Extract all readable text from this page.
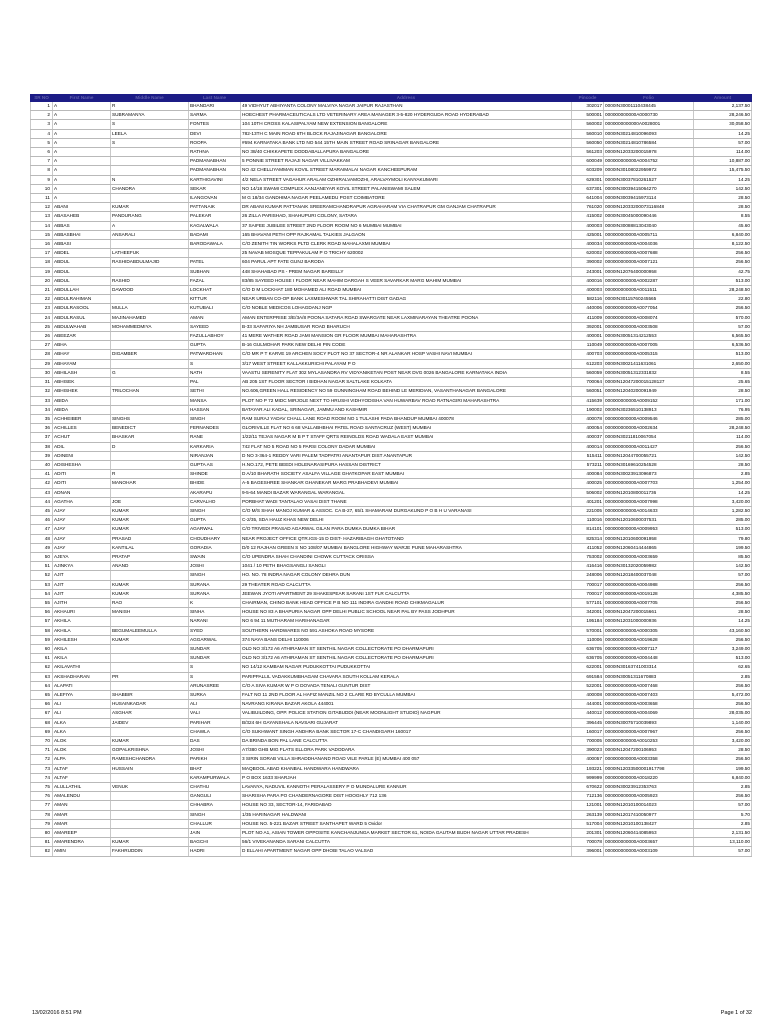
SR NO	First Name	Middle Name	Last Name	Address	Pincode	Folio	Amount
1	A	R	BHANDARI	49 VIDHYUT ABHIYANTA COLONY MALVIYA NAGAR JAIPUR RAJASTHAN	302017	0000IN30001110438445	2,137.50
2	A	SUBRAMANYA	SARMA	HOECHEST PHARMACEUTICALS LTD VETERINARY AREA MANAGER 3-5-820 HYDERGUDA ROAD HYDERABAD	500001	000000000000A0000730	28,246.50
3	A	S	FONTES	104 10TH CROSS KALASIPALYAM NEW EXTENSION BANGALORE	560002	0000000000000A0028001	30,058.50
4	A	LEELA	DEVI	782-13TH C MAIN ROAD 6TH BLOCK RAJAJINAGAR BANGALORE	560010	0000IN30214810096093	14.25
5	A	S	ROOPA	#694 KARNATAKA BANK LTD NO 544 15TH MAIN STREET ROAD SRINAGAR BANGALORE	560050	0000IN30214810786584	57.00
6	A		RATHNA	NO 38/40 CHIKKAPETE DODDABALLAPURA BANGALORE	561203	0000IN12033200015978	114.00
7	A		PADMANABHAN	5 PONNIE STREET RAJAJI NAGAR VILLIVAKKAM	600049	000000000000A0004752	10,887.00
8	A		PADMANABHAN	NO 42 CHELLIYAMMAN KOVIL STREET MARAIMALAI NAGAR KANCHEEPURAM	603209	0000IN30108022959972	15,475.50
9	A	N	KARTHIGAVINI	4/2 NELA STREET VAGAHUR ARALAM OZHIRALVAMOZHI, ARALVAYMOLI KANYAKUMARI	629301	0000IN30037810261527	14.25
10	A	CHANDRA	SEKAR	NO 14/18 SWAMI COMPLEX AANJANEYAR KOVIL STREET PALANISWAMI SALEM	637301	0000IN30039415064270	142.50
11	A		ILANGOVAN	M G 18/34 GANDHIMA NAGAR PEELAMEDU POST COIMBATORE	641004	0000IN30039415973114	28.50
12	ABANI	KUMAR	PATTANAIK	DR ABANI KUMAR PATTANAIK SREERAMCHANDRAPUR AGRAHARAM VIA CHATRAPUR GM GANJAM CHATRAPUR	761020	0000IN12033200073116848	28.50
13	ABASAHEB	PANDURANG	PALEKAR	26 ZILLA PARISHAD, SHAHUPURI COLONY, SATARA	415002	0000IN30045000090446	8.55
14	ABBAS	A	KAGALWALA	37 SAIFEE JUBILEE STREET 2ND FLOOR ROOM NO 6 MUMBAI MUMBAI	400003	0000IN30088813043040	45.60
15	ABBASBHAI	ANSARALI	BADAMI	165 BHAVANI PETH OPP RAJKAMAL TALKIES JALGAON	425001	000000000000A0005711	6,840.00
16	ABBASI		BARODAWALA	C/O ZENITH TIN WORKS PLTD CLERK ROAD MAHALAXMI MUMBAI	400034	000000000000A0004036	8,122.50
17	ABDEL	LATHEEFUK		25 NAVAB MOSQUE TEPPAKULAM P O TRICHY 620002	620002	000000000000A0007688	256.50
18	ABDUL	RASHIDABDULMAJID	PATEL	604 PARUL APT FATE GUNJ BARODA	390002	000000000000A0007121	256.50
19	ABDUL		SUBHAN	448 SHAHABAD PS - PREM NAGAR BAREILLY	243001	0000IN12076400000958	42.75
20	ABDUL	RASHID	FAZAL	83/85 SAYEED HOUSE I FLOOR NEAR MAHIM DARGAH S VEER SAVARKAR MARG MAHIM MUMBAI	400016	000000000000A0002287	513.00
21	ABDULLAH	DAWOOD	LOCKHAT	C/O D M LOCKHAT 180 MOHAMED ALI ROAD MUMBAI	400003	000000000000A0011511	28,248.50
22	ABDULRAHIMAN		KITTUR	NEAR URBAN CO-OP BANK LAXMESHWAR TAL SHIRAHATTI DIST GADAG	582116	0000IN30115760245565	22.80
23	ABDULRASOOL	MULLA	KUTUBALI	C/O NOBLE MEDICOS LOHAGDANJ NGP	440006	000000000000A0077054	256.50
24	ABDULRASUL	MAJINAHAMED	AMAN	AMAN ENTERPRISE 3/E/3A/8 POONA SATARA ROAD SWARGATE NEAR LAXMINARAYAN THEATRE POONA	411009	000000000000A0008074	570.00
25	ABDULWAHAB	MOHAMMEDMIYA	SAYEED	B-33 SAFARIYA NH JAMBUSAR ROAD BHARUCH	392001	000000000000A0003508	57.00
26	ABEEZAR		FAZULLABHOY	41 MERE WATHER ROAD JAMI MANSION GR FLOOR MUMBAI MAHARASHTRA	400001	0000IN30051314212553	6,565.50
27	ABHA		GUPTA	B-16 GULMOHAR PARK NEW DELHI PIN CODE	110049	000000000000A0007005	6,536.50
28	ABHAY	DIGAMBER	PATWARDHAN	C/O MR P T KARVE 19 ARCHEN SOCY PLOT NO 37 SECTOR-4 NR ALANKAR HOSP VASHI NAVI MUMBAI	400703	000000000000A0005315	513.00
29	ABHAYAM		S	3/17 WEST STREET KALLAKKURICHI PALAYAM P O	612203	0000IN30021411631061	2,650.00
30	ABHILASH	G	NATH	VAASTU SERENITY FLAT 302 MYLASANDRA RV VIDYANIKETAN POST NEAR DVG 0026 BANGALORE KARNATAKA INDIA	560059	0000IN30051312331832	8.55
31	ABHISEK		PAL	AB 205 1ST FLOOR SECTOR I BIDHAN NAGAR SALTLAKE KOLKATA	700064	0000IN12047200015128127	25.65
32	ABHISHEK	TRILOCHAN	SETHI	NO.606,GREEN HALL RESIDENCY NO 59 GUNNINGHAM ROAD BEHIND LE MERIDIAN, VASANTHANAGAR BANGALORE	560051	0000IN12040200091949	28.50
33	ABIDA		MANSA	PLOT NO P 72 MIDC MIRJOLE NEXT TO HRUSHI VIDHYODISHA VAN HUWARBAV ROAD RATNAGIRI MAHARASHTRA	415639	000000000000A0009152	171.00
34	ABIDA		HASSAN	BATAYAR ALI KADAL, SRINAGAR, JAMMU AND KASHMIR	190002	0000IN30236510138913	76.95
35	ACHHEIBER	SINGHS	SINGH	RAM SURAJ YADAV CHALL LANE ROAD ROOM NO 1 TULASHI PADA BHANDUP MUMBAI 400078	400078	000000000000A0009546	285.00
36	ACHILLES	BENEDICT	FERNANDES	GLORIVILLE FLAT NO 6 68 VALLABHBHAI PATEL ROAD SANTACRUZ (WEST) MUMBAI	400054	000000000000A0002634	28,248.50
37	ACHUT	BHASKAR	RANE	1/22/11 TEJAS NAGAR M B P T STAFF QRTS REINOLDS ROAD WADALA EAST MUMBAI	400037	0000IN30211810067054	114.00
38	ADIL	D	KARKARIA	742 FLAT NO 5 ROAD NO 5 PARSI COLONY DADAR MUMBAI	400014	000000000000A0011427	256.50
39	ADINENI		NIRANJAN	D NO 3-364-1 REDDY VARI PALEM TADPATRI ANANTAPUR DIST ANANTAPUR	515411	0000IN12044700055721	142.50
40	ADISHESHA		GUPTA AS	H.NO.172, PETE BEEDI HOLENARASIPURA HASSAN DISTRICT	573211	0000IN30169610254528	28.50
41	ADITI	R	SHINDE	D A/10 BHARATH SOCIETY ASALFA VILLAGE GHATKOPAR EAST MUMBAI	400084	0000IN30023913096873	2.85
42	ADITI	MANOHAR	BHIDE	A-5 BAGESHREE SHANKAR GHANEKAR MARG PRABHADEVI MUMBAI	400025	000000000000A0007703	1,254.00
43	ADNAN		AKARAPU	9-5-64 MANDI BAZAR WARANGAL WARANGAL	506002	0000IN12010800011736	14.25
44	AGATHA	JOE	CARVALHO	PORBHAT WADI TANTALAO VASAI DIST THANE	401201	000000000000A0007998	3,420.00
45	AJAY	KUMAR	SINGH	C/O M/S SHAH MANOJ KUMAR & ASSOC. CA B-27, 65/1 SHAMARAM DURGAKUND P O B H U VARANASI	221005	000000000000A0014633	1,282.50
46	AJAY	KUMAR	GUPTA	C-2/35, SDA HAUZ KHAS NEW DELHI	110016	0000IN12010600037531	285.00
47	AJAY	KUMAR	AGARWAL	C/O TRIVEDI PRASAD AGARWAL GILAN PARA DUMKA DUMKA BIHAR	814101	000000000000A0009953	513.00
48	AJAY	PRASAD	CHOUDHARY	NEAR PROJECT OFFICE QTR.IGS-15 D DIST- HAZARIBAGH GHATOTAND	825314	0000IN12010600091958	79.80
49	AJAY	KANTILAL	GORADIA	D/0 12 RAJHAN GREEN S NO 108/07 MUMBAI BANGLORE HIGHWAY WARJE PUNE MAHARASHTRA	411052	0000IN12060414444865	199.50
50	AJEYA	PRATAP	SWAIN	C/O UPENDRA SHAH CHANDINI CHOWK CUTTACK ORISSA	753002	000000000000A0003659	85.50
51	AJINKYA	ANAND	JOSHI	1041 / 10 PETH BHAGSANGLI SANGLI	416416	0000IN30132020059982	142.50
52	AJIT		SINGH	HO. NO. 78 INDRA NAGAR COLONY DEHRA DUN	248006	0000IN12018400037048	57.00
53	AJIT	KUMAR	SURANA	29 THEATER ROAD CALCUTTA	700017	000000000000A0004988	256.50
54	AJIT	KUMAR	SURANA	JEEWAN JYOTI APARTMENT 29 SHAKESPEAR SARANI 1ST FLR CALCUTTA	700017	000000000000A0019128	4,385.50
55	AJITH	RAO	K	CHAIRMAN, CHINO BANK HEAD OFFICE P B NO 111 INDIRA GANDHI ROAD CHIKMAGALUR	577101	000000000000A0007705	256.50
56	AKHAURI	MANISH	SINHA	HOUSE NO 83 A BHAPURIA NAGAR OPP DELHI PUBLIC SCHOOL NEAR PAL BY PASS JODHPUR	342001	0000IN12047200015661	28.50
57	AKHILA		NARANI	NO 6 94 11 MUTHARAM HARIHANAGAR	195184	0000IN12031000000936	14.25
58	AKHILA	BEGUMALEEMULLA	SYED	SOUTHERN HARDWARES NO 591 ASHOKA ROAD MYSORE	570001	000000000000A0000305	43,160.50
59	AKHILESH	KUMAR	AGGARWAL	374 NAYA BANS DELHI 110006	110006	000000000000A0019628	256.50
60	AKILA		SUNDAR	OLD NO 3/172 A6 ATHIRAMAN ST SENTHIL NAGAR COLLECTORATE PO DHARMAPURI	636705	000000000000A0007117	3,249.00
61	AKILA		SUNDAR	OLD NO 3/172 A6 ATHIRAMAN ST SENTHIL NAGAR COLLECTORATE PO DHARMAPURI	636705	000000000000A0004448	513.00
62	AKILAVATHI		S	NO 14/12 KAMBAM NAGAR PUDUKKOTTAI PUDUKKOTTAI	622001	0000IN30163741003314	62.65
63	AKSHADHARAN	PR	S	PARIPPALLIL VADAKKUMBHAGAM CHAVARA SOUTH KOLLAM KERALA	691584	0000IN30051311670883	2.85
64	ALAPATI		ARUNASREE	C/O A SIVA KUMAR W P O DOVADA TENALI GUNTUR DIST	522001	000000000000A0007468	256.50
65	ALEFIYA	SHABBIR	SURKA	FALT NO 11 2ND FLOOR AL HAFIZ MANZIL NO 2 CLARE RD BYCULLA MUMBAI	400008	000000000000A0007403	5,472.00
66	ALI	HUSAINKADAR	ALI	NAVRANG KIRANA BAZAR AKOLA 444001	444001	000000000000A0003658	256.50
67	ALI	ASGHAR	VALI	VALIBUILDING, OPP. POLICE STATION GITABUDDI (NEAR MOONLIGHT STUDIO) NAGPUR	440012	000000000000A0004069	28,035.00
68	ALKA	JAIDEV	PARIHAR	B/324 6H GAYANSHALA NAVSARI GUJARAT	396445	0000IN30075710039893	1,140.00
69	ALKA		CHAWLA	C/O SUKHWANT SINGH ANDHRA BANK SECTOR 17-C CHANDIGARH 160017	160017	000000000000A0007967	256.50
70	ALOK	KUMAR	DAS	DA BRINDA BON PAL LANE CALCUTTA	700005	000000000000A0010253	3,420.00
71	ALOK	GOPALKRISHNA	JOSHI	A7/380 GHB MIG FLATS ELLORA PARK VADODARA	390023	0000IN12047200106953	28.50
72	ALPA	RAMESHCHANDRA	PARIKH	3 SIRIN SORAB VILLA SHRADDHANAND ROAD VILE PARLE (E) MUMBAI 400 057	400057	000000000000A0003358	256.50
73	ALTAF	HUSSAIN	BHAT	MAQBOOL ABAD KHANBAL HANDWARA HANDWARA	193221	0000IN12033500001917798	199.50
74	ALTAF		KARAMPURWALA	P O BOX 1633 SHARJAH	999999	000000000000A0018220	6,840.00
75	ALULLATHIL	VENUK	CHATHU	LAVANYA, NADUVIL KANNOTH PERALASSERY P O MUNDALURE KANNUR	670622	0000IN30023912353763	2.85
76	AMALENDU		GANGULI	SHARISHA PARA PO CHANDERNAGORE DIST HOOGHLY 712 136	712136	000000000000A0005923	256.50
77	AMAN		CHHABRA	HOUSE NO 33, SECTOR-14, FARIDABAD	121001	0000IN12010100014023	57.00
78	AMAR		SINGH	1/35 HARINAGAR HALDWANI	263139	0000IN12017410050977	5.70
79	AMAR		CHALLUR	HOUSE NO. 5-221 BAZAR STREET SANTHAPET WARD 5 Ovidor	517004	0000IN12010100138427	2.85
80	AMAREEP		JAIN	PLOT NO A1, ASIAN TOWER OPPOSITE KANCHANJUNGA MARKET SECTOR 61, NOIDA GAUTAM BUDH NAGAR UTTAR PRADESH	201301	0000IN12060414085953	2,131.50
81	AMARENDRA	KUMAR	BAGCHI	56/1 VIVEKANANDA SARANI CALCUTTA	700078	000000000000A0003657	13,110.00
82	AMIN	FAKHRUDDIN	HADRI	D ELLAHI APARTMENT NAGAR OPP DHOBI TALAO VALSAD	396001	000000000000A0003109	57.00
13/02/2016 8:51 PM	Page 1 of 32
